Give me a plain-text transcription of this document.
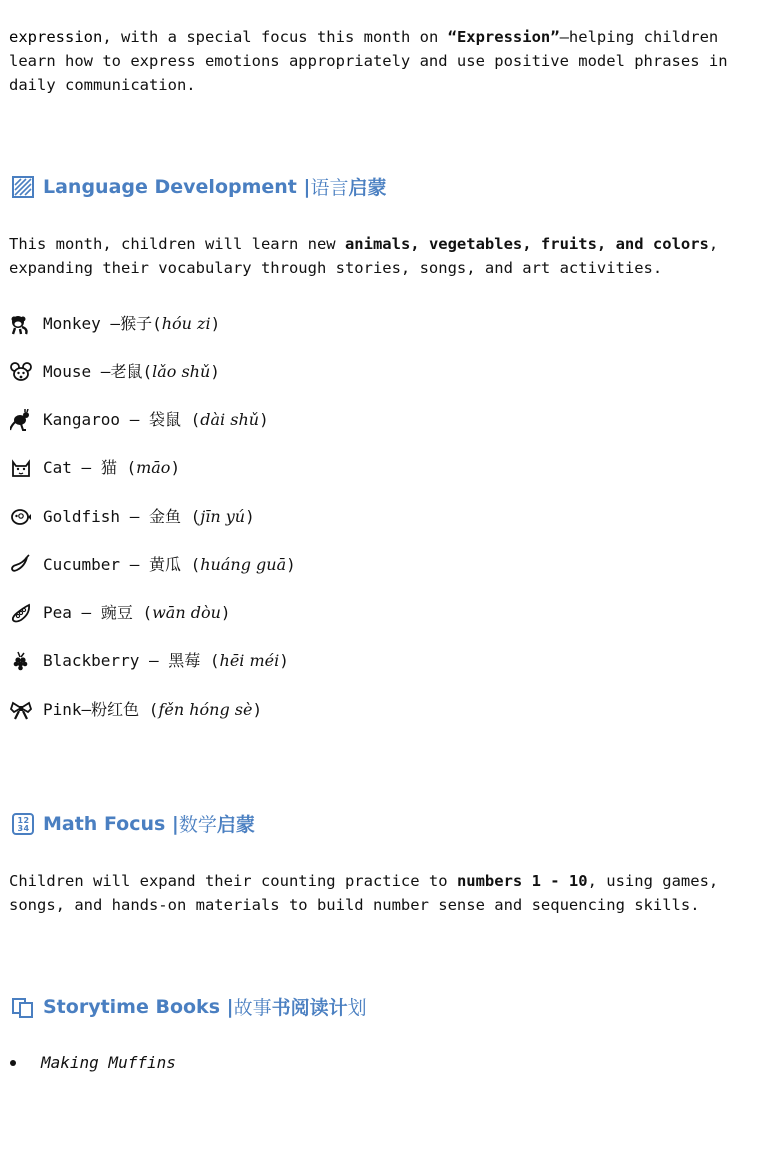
expression, with a special focus this month on “Expression”—helping children learn how to express emotions appropriately and use positive model phrases in daily communication.

Language Development | 语言 启蒙

This month, children will learn new animals, vegetables, fruits, and colors, expanding their vocabulary through stories, songs, and art activities.

Monkey — 猴子( hóu zi )
Mouse — 老鼠( lǎo shǔ )
Kangaroo — 袋鼠 ( dài shǔ )
Cat — 猫 ( māo )
Goldfish — 金鱼 ( jīn yú )
Cucumber — 黄瓜 ( huáng guā )
Pea — 豌豆 ( wān dòu )
Blackberry — 黑莓 ( hēi méi )
Pink — 粉红色 ( fěn hóng sè )
1 2
3 4 Math Focus | 数学 启蒙

Children will expand their counting practice to numbers 1 - 10, using games, songs, and hands-on materials to build number sense and sequencing skills.

Storytime Books | 故事 书阅读计 划
Making Muffins
